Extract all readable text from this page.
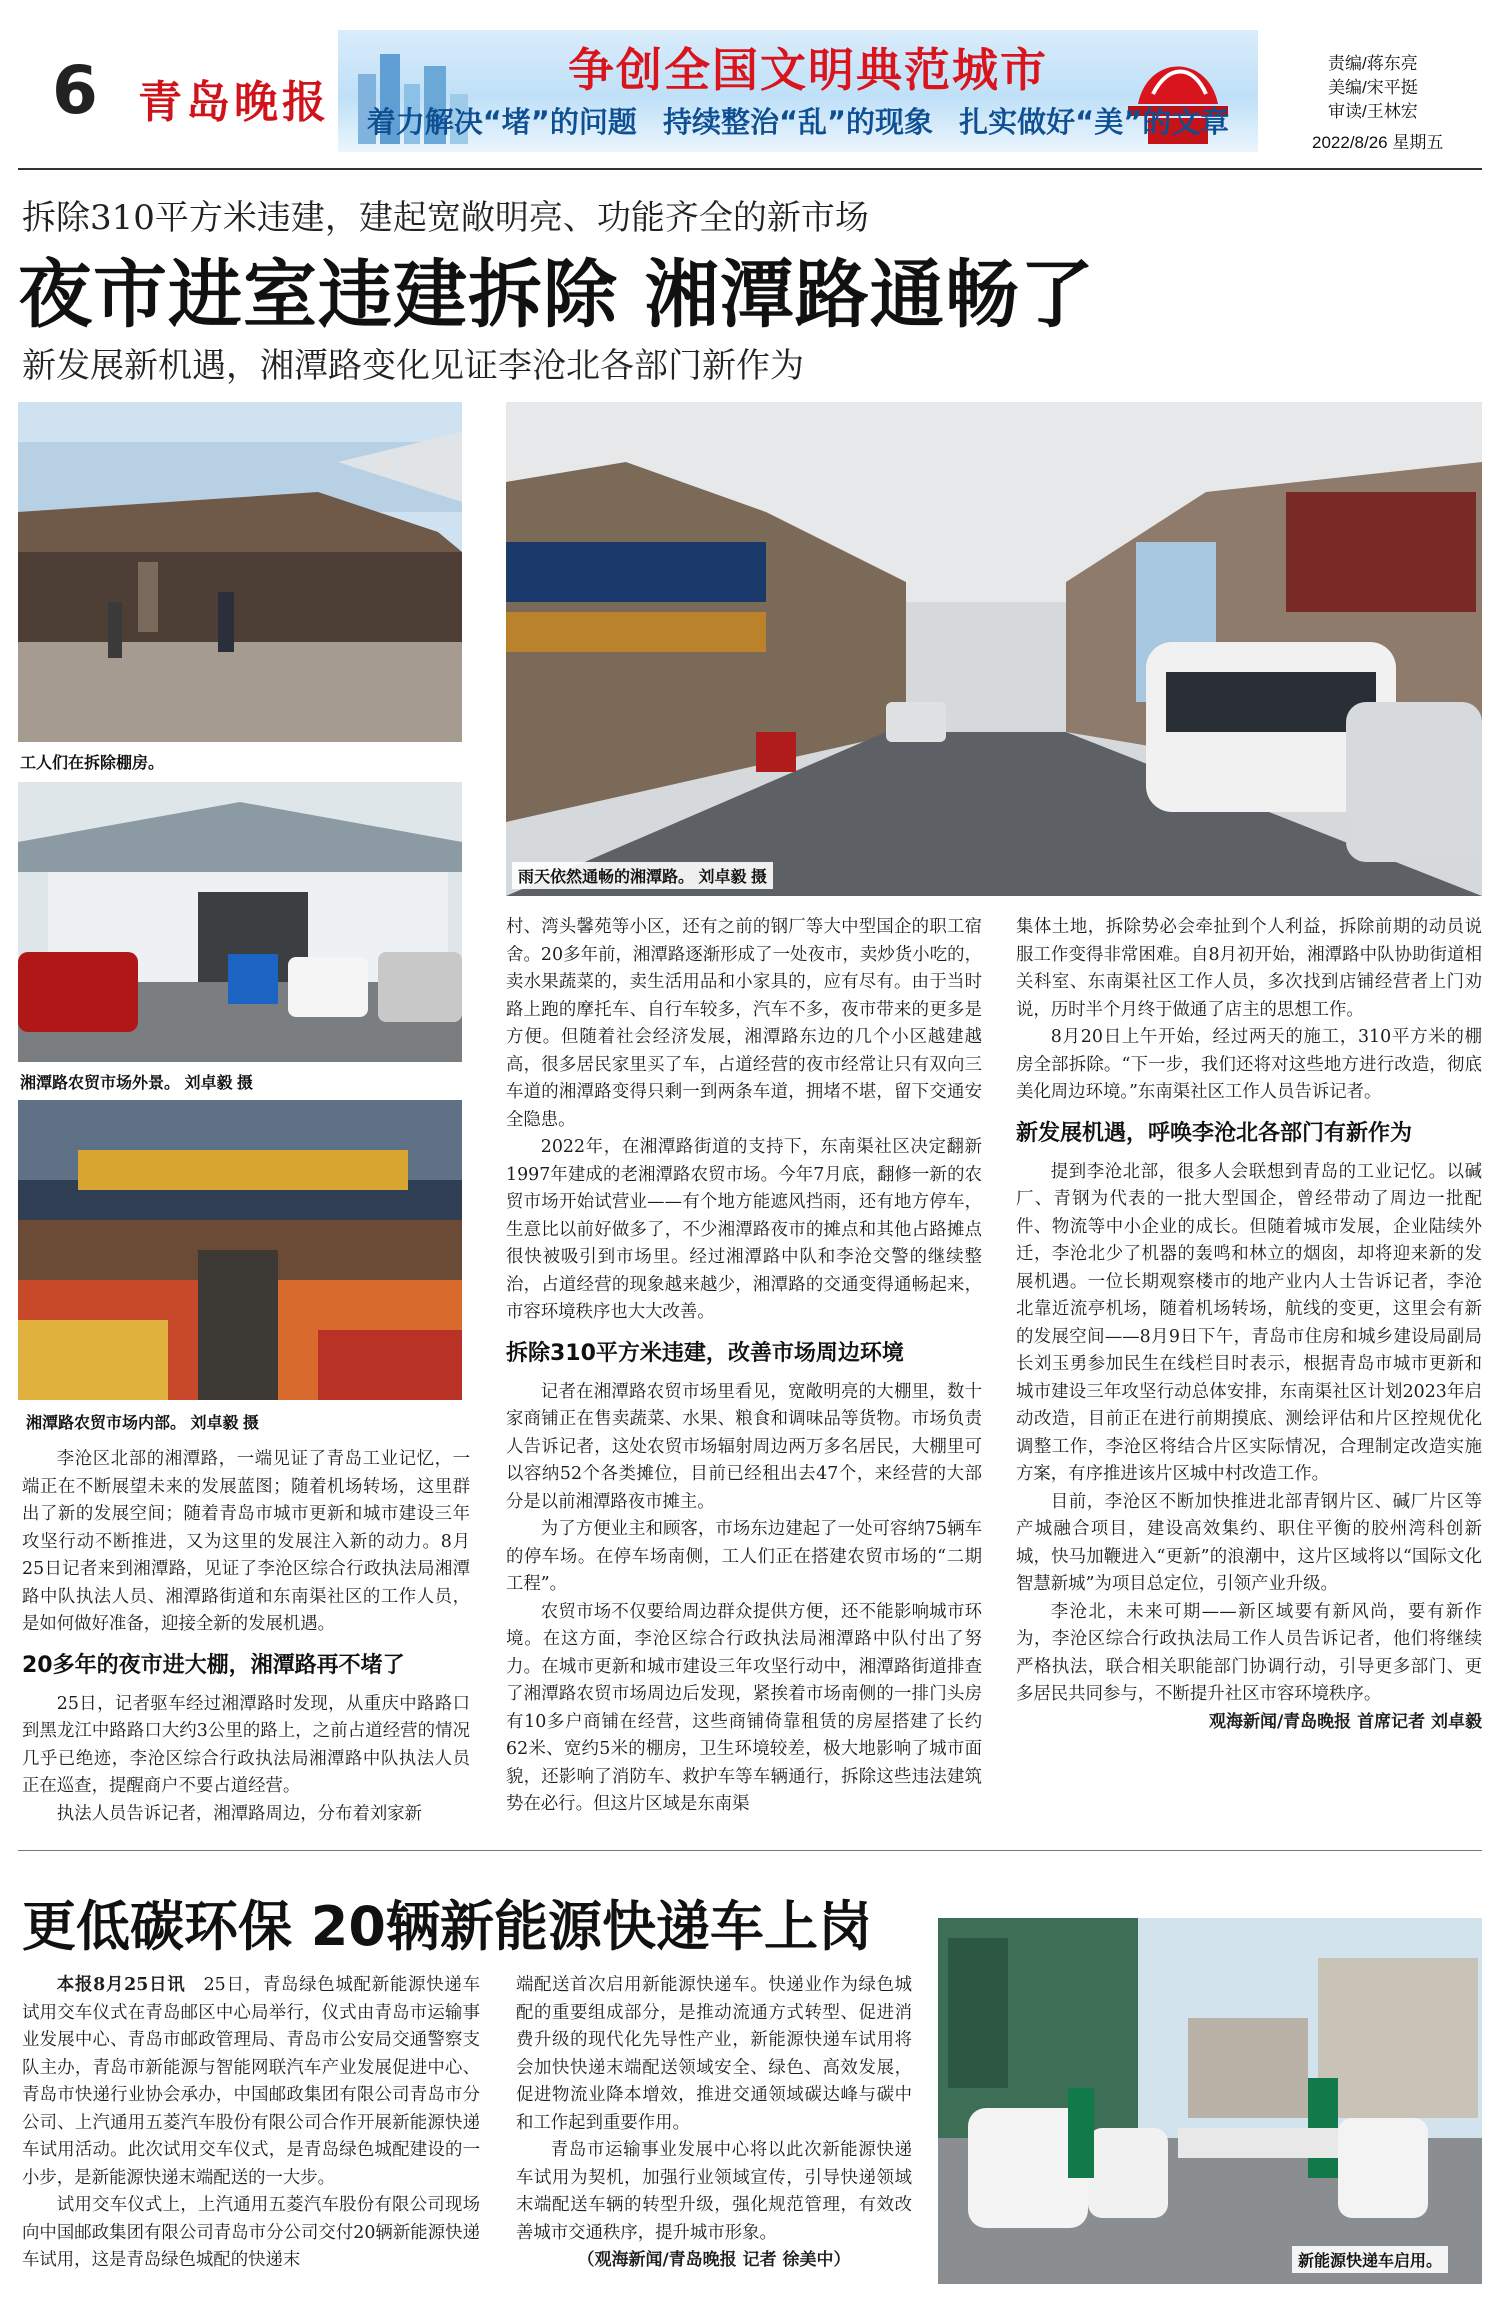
6 青岛晚报
争创全国文明典范城市
着力解决“堵”的问题 持续整治“乱”的现象 扎实做好“美”的文章
责编/蒋东亮
美编/宋平挺
审读/王林宏
2022/8/26 星期五
拆除310平方米违建，建起宽敞明亮、功能齐全的新市场
夜市进室违建拆除 湘潭路通畅了
新发展新机遇，湘潭路变化见证李沧北各部门新作为
工人们在拆除棚房。
湘潭路农贸市场外景。 刘卓毅 摄
湘潭路农贸市场内部。 刘卓毅 摄
雨天依然通畅的湘潭路。 刘卓毅 摄

李沧区北部的湘潭路，一端见证了青岛工业记忆，一端正在不断展望未来的发展蓝图；随着机场转场，这里群出了新的发展空间；随着青岛市城市更新和城市建设三年攻坚行动不断推进，又为这里的发展注入新的动力。8月25日记者来到湘潭路，见证了李沧区综合行政执法局湘潭路中队执法人员、湘潭路街道和东南渠社区的工作人员，是如何做好准备，迎接全新的发展机遇。

20多年的夜市进大棚，湘潭路再不堵了

25日，记者驱车经过湘潭路时发现，从重庆中路路口到黑龙江中路路口大约3公里的路上，之前占道经营的情况几乎已绝迹，李沧区综合行政执法局湘潭路中队执法人员正在巡查，提醒商户不要占道经营。

执法人员告诉记者，湘潭路周边，分布着刘家新

村、湾头馨苑等小区，还有之前的钢厂等大中型国企的职工宿舍。20多年前，湘潭路逐渐形成了一处夜市，卖炒货小吃的，卖水果蔬菜的，卖生活用品和小家具的，应有尽有。由于当时路上跑的摩托车、自行车较多，汽车不多，夜市带来的更多是方便。但随着社会经济发展，湘潭路东边的几个小区越建越高，很多居民家里买了车，占道经营的夜市经常让只有双向三车道的湘潭路变得只剩一到两条车道，拥堵不堪，留下交通安全隐患。

2022年，在湘潭路街道的支持下，东南渠社区决定翻新1997年建成的老湘潭路农贸市场。今年7月底，翻修一新的农贸市场开始试营业——有个地方能遮风挡雨，还有地方停车，生意比以前好做多了，不少湘潭路夜市的摊点和其他占路摊点很快被吸引到市场里。经过湘潭路中队和李沧交警的继续整治，占道经营的现象越来越少，湘潭路的交通变得通畅起来，市容环境秩序也大大改善。

拆除310平方米违建，改善市场周边环境

记者在湘潭路农贸市场里看见，宽敞明亮的大棚里，数十家商铺正在售卖蔬菜、水果、粮食和调味品等货物。市场负责人告诉记者，这处农贸市场辐射周边两万多名居民，大棚里可以容纳52个各类摊位，目前已经租出去47个，来经营的大部分是以前湘潭路夜市摊主。

为了方便业主和顾客，市场东边建起了一处可容纳75辆车的停车场。在停车场南侧，工人们正在搭建农贸市场的“二期工程”。

农贸市场不仅要给周边群众提供方便，还不能影响城市环境。在这方面，李沧区综合行政执法局湘潭路中队付出了努力。在城市更新和城市建设三年攻坚行动中，湘潭路街道排查了湘潭路农贸市场周边后发现，紧挨着市场南侧的一排门头房有10多户商铺在经营，这些商铺倚靠租赁的房屋搭建了长约62米、宽约5米的棚房，卫生环境较差，极大地影响了城市面貌，还影响了消防车、救护车等车辆通行，拆除这些违法建筑势在必行。但这片区域是东南渠

集体土地，拆除势必会牵扯到个人利益，拆除前期的动员说服工作变得非常困难。自8月初开始，湘潭路中队协助街道相关科室、东南渠社区工作人员，多次找到店铺经营者上门劝说，历时半个月终于做通了店主的思想工作。

8月20日上午开始，经过两天的施工，310平方米的棚房全部拆除。“下一步，我们还将对这些地方进行改造，彻底美化周边环境。”东南渠社区工作人员告诉记者。

新发展机遇，呼唤李沧北各部门有新作为

提到李沧北部，很多人会联想到青岛的工业记忆。以碱厂、青钢为代表的一批大型国企，曾经带动了周边一批配件、物流等中小企业的成长。但随着城市发展，企业陆续外迁，李沧北少了机器的轰鸣和林立的烟囱，却将迎来新的发展机遇。一位长期观察楼市的地产业内人士告诉记者，李沧北靠近流亭机场，随着机场转场，航线的变更，这里会有新的发展空间——8月9日下午，青岛市住房和城乡建设局副局长刘玉勇参加民生在线栏目时表示，根据青岛市城市更新和城市建设三年攻坚行动总体安排，东南渠社区计划2023年启动改造，目前正在进行前期摸底、测绘评估和片区控规优化调整工作，李沧区将结合片区实际情况，合理制定改造实施方案，有序推进该片区城中村改造工作。

目前，李沧区不断加快推进北部青钢片区、碱厂片区等产城融合项目，建设高效集约、职住平衡的胶州湾科创新城，快马加鞭进入“更新”的浪潮中，这片区域将以“国际文化智慧新城”为项目总定位，引领产业升级。

李沧北，未来可期——新区域要有新风尚，要有新作为，李沧区综合行政执法局工作人员告诉记者，他们将继续严格执法，联合相关职能部门协调行动，引导更多部门、更多居民共同参与，不断提升社区市容环境秩序。

观海新闻/青岛晚报 首席记者 刘卓毅

更低碳环保 20辆新能源快递车上岗

本报8月25日讯　 25日，青岛绿色城配新能源快递车试用交车仪式在青岛邮区中心局举行，仪式由青岛市运输事业发展中心、青岛市邮政管理局、青岛市公安局交通警察支队主办，青岛市新能源与智能网联汽车产业发展促进中心、青岛市快递行业协会承办，中国邮政集团有限公司青岛市分公司、上汽通用五菱汽车股份有限公司合作开展新能源快递车试用活动。此次试用交车仪式，是青岛绿色城配建设的一小步，是新能源快递末端配送的一大步。

试用交车仪式上，上汽通用五菱汽车股份有限公司现场向中国邮政集团有限公司青岛市分公司交付20辆新能源快递车试用，这是青岛绿色城配的快递末

端配送首次启用新能源快递车。快递业作为绿色城配的重要组成部分，是推动流通方式转型、促进消费升级的现代化先导性产业，新能源快递车试用将会加快快递末端配送领域安全、绿色、高效发展，促进物流业降本增效，推进交通领域碳达峰与碳中和工作起到重要作用。

青岛市运输事业发展中心将以此次新能源快递车试用为契机，加强行业领域宣传，引导快递领域末端配送车辆的转型升级，强化规范管理，有效改善城市交通秩序，提升城市形象。

（观海新闻/青岛晚报 记者 徐美中）	新能源快递车启用。
